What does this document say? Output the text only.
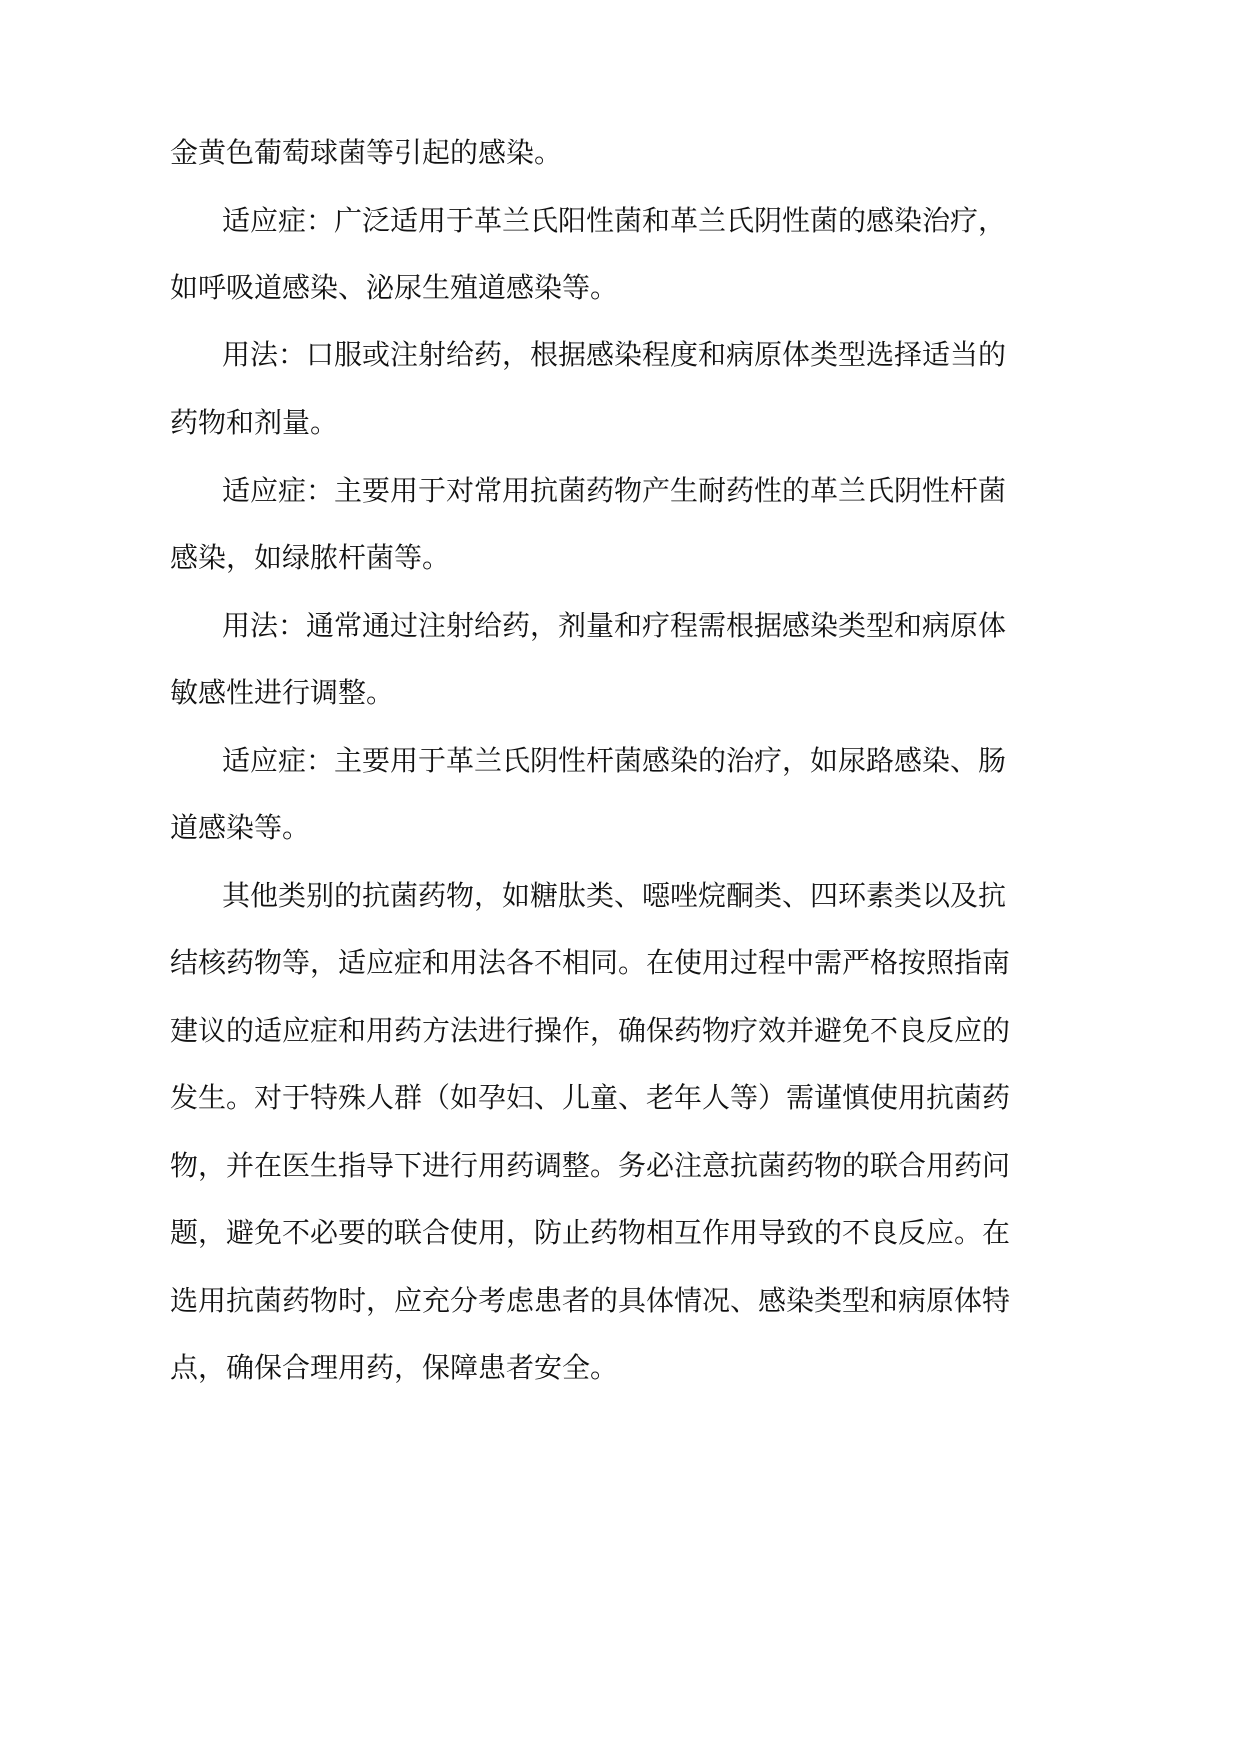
金黄色葡萄球菌等引起的感染。
适应症：广泛适用于革兰氏阳性菌和革兰氏阴性菌的感染治疗，
如呼吸道感染、泌尿生殖道感染等。
用法：口服或注射给药，根据感染程度和病原体类型选择适当的
药物和剂量。
适应症：主要用于对常用抗菌药物产生耐药性的革兰氏阴性杆菌
感染，如绿脓杆菌等。
用法：通常通过注射给药，剂量和疗程需根据感染类型和病原体
敏感性进行调整。
适应症：主要用于革兰氏阴性杆菌感染的治疗，如尿路感染、肠
道感染等。
其他类别的抗菌药物，如糖肽类、噁唑烷酮类、四环素类以及抗
结核药物等，适应症和用法各不相同。在使用过程中需严格按照指南
建议的适应症和用药方法进行操作，确保药物疗效并避免不良反应的
发生。对于特殊人群（如孕妇、儿童、老年人等）需谨慎使用抗菌药
物，并在医生指导下进行用药调整。务必注意抗菌药物的联合用药问
题，避免不必要的联合使用，防止药物相互作用导致的不良反应。在
选用抗菌药物时，应充分考虑患者的具体情况、感染类型和病原体特
点，确保合理用药，保障患者安全。
